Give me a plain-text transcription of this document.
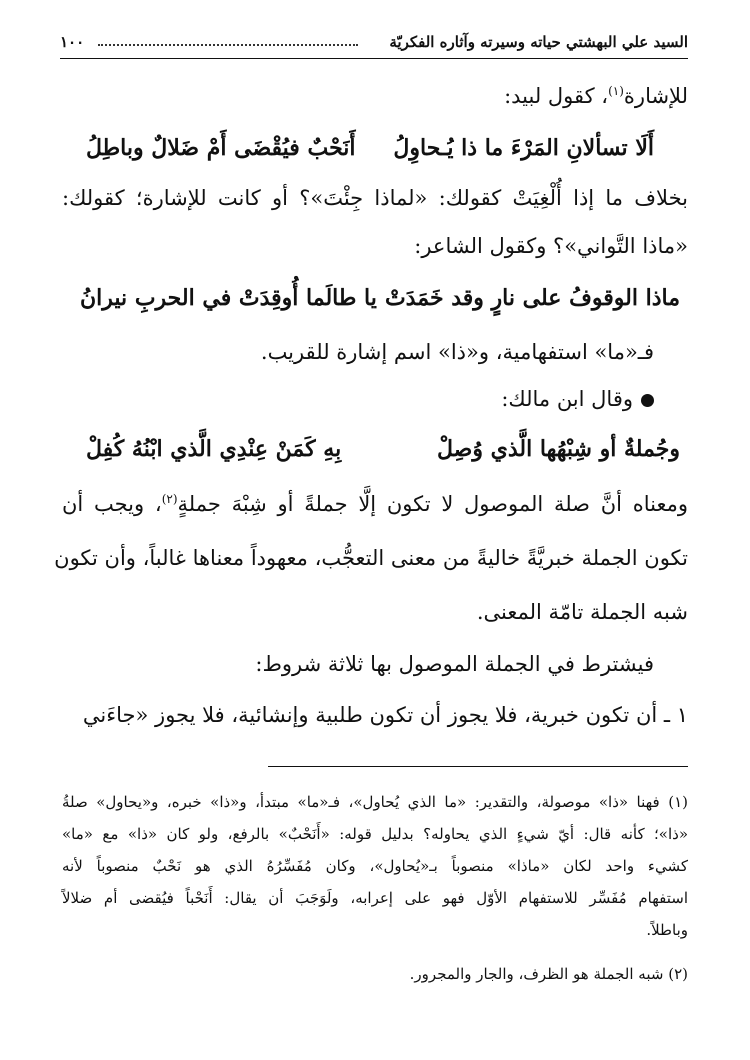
السيد علي البهشتي حياته وسيرته وآثاره الفكريّة
١٠٠
للإشارة$^{(١)}$، كقول لبيد:
أَلَا تسألانِ المَرْءَ ما ذا يُـحاوِلُ
أَنَحْبٌ فيُقْضَى أَمْ ضَلالٌ وباطِلُ
بخلاف ما إذا أُلْغِيَتْ كقولك: «لماذا جِئْتَ»؟ أو كانت للإشارة؛ كقولك:
«ماذا التَّواني»؟ وكقول الشاعر:
ماذا الوقوفُ على نارٍ وقد خَمَدَتْ
يا طالَما أُوقِدَتْ في الحربِ نيرانُ
فـ«ما» استفهامية، و«ذا» اسم إشارة للقريب.
وقال ابن مالك:
وجُملةٌ أو شِبْهُها الَّذي وُصِلْ
بِهِ كَمَنْ عِنْدِي الَّذي ابْنُهُ كُفِلْ
ومعناه أنَّ صلة الموصول لا تكون إلَّا جملةً أو شِبْهَ جملةٍ$^{(٢)}$، ويجب أن
تكون الجملة خبريَّةً خاليةً من معنى التعجُّب، معهوداً معناها غالباً، وأن تكون
شبه الجملة تامّة المعنى.
فيشترط في الجملة الموصول بها ثلاثة شروط:
١ ـ أن تكون خبرية، فلا يجوز أن تكون طلبية وإنشائية، فلا يجوز «جاءَني
(١) فهنا «ذا» موصولة، والتقدير: «ما الذي يُحاول»، فـ«ما» مبتدأ، و«ذا» خبره، و«يحاول» صلةُ
«ذا»؛ كأنه قال: أيّ شيءٍ الذي يحاوله؟ بدليل قوله: «أَنَحْبٌ» بالرفع، ولو كان «ذا» مع «ما»
كشيء واحد لكان «ماذا» منصوباً بـ«يُحاول»، وكان مُفَسِّرُهُ الذي هو نَحْبٌ منصوباً لأنه
استفهام مُفَسِّر للاستفهام الأوّل فهو على إعرابه، ولَوَجَبَ أن يقال: أَنَحْباً فيُقضى أم ضلالاً
وباطلاً.
(٢) شبه الجملة هو الظرف، والجار والمجرور.
